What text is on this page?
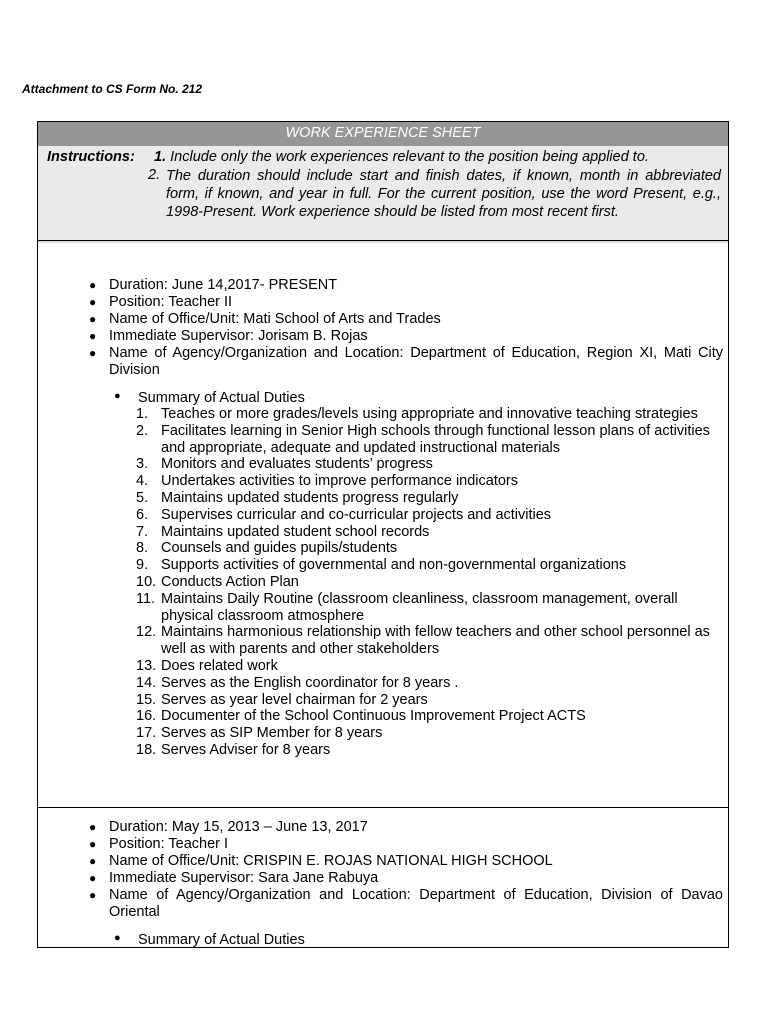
Attachment to CS Form No. 212
WORK EXPERIENCE SHEET
Instructions: 1. Include only the work experiences relevant to the position being applied to.
2. The duration should include start and finish dates, if known, month in abbreviated form, if known, and year in full. For the current position, use the word Present, e.g., 1998-Present. Work experience should be listed from most recent first.
● Duration: June 14,2017- PRESENT
● Position: Teacher II
● Name of Office/Unit: Mati School of Arts and Trades
● Immediate Supervisor: Jorisam B. Rojas
● Name of Agency/Organization and Location: Department of Education, Region XI, Mati City Division
● Summary of Actual Duties
1. Teaches or more grades/levels using appropriate and innovative teaching strategies
2. Facilitates learning in Senior High schools through functional lesson plans of activities and appropriate, adequate and updated instructional materials
3. Monitors and evaluates students’ progress
4. Undertakes activities to improve performance indicators
5. Maintains updated students progress regularly
6. Supervises curricular and co-curricular projects and activities
7. Maintains updated student school records
8. Counsels and guides pupils/students
9. Supports activities of governmental and non-governmental organizations
10. Conducts Action Plan
11. Maintains Daily Routine (classroom cleanliness, classroom management, overall physical classroom atmosphere
12. Maintains harmonious relationship with fellow teachers and other school personnel as well as with parents and other stakeholders
13. Does related work
14. Serves as the English coordinator for 8 years .
15. Serves as year level chairman for 2 years
16. Documenter of the School Continuous Improvement Project ACTS
17. Serves as SIP Member for 8 years
18. Serves Adviser for 8 years
● Duration: May 15, 2013 – June 13, 2017
● Position: Teacher I
● Name of Office/Unit: CRISPIN E. ROJAS NATIONAL HIGH SCHOOL
● Immediate Supervisor: Sara Jane Rabuya
● Name of Agency/Organization and Location: Department of Education, Division of Davao Oriental
● Summary of Actual Duties
